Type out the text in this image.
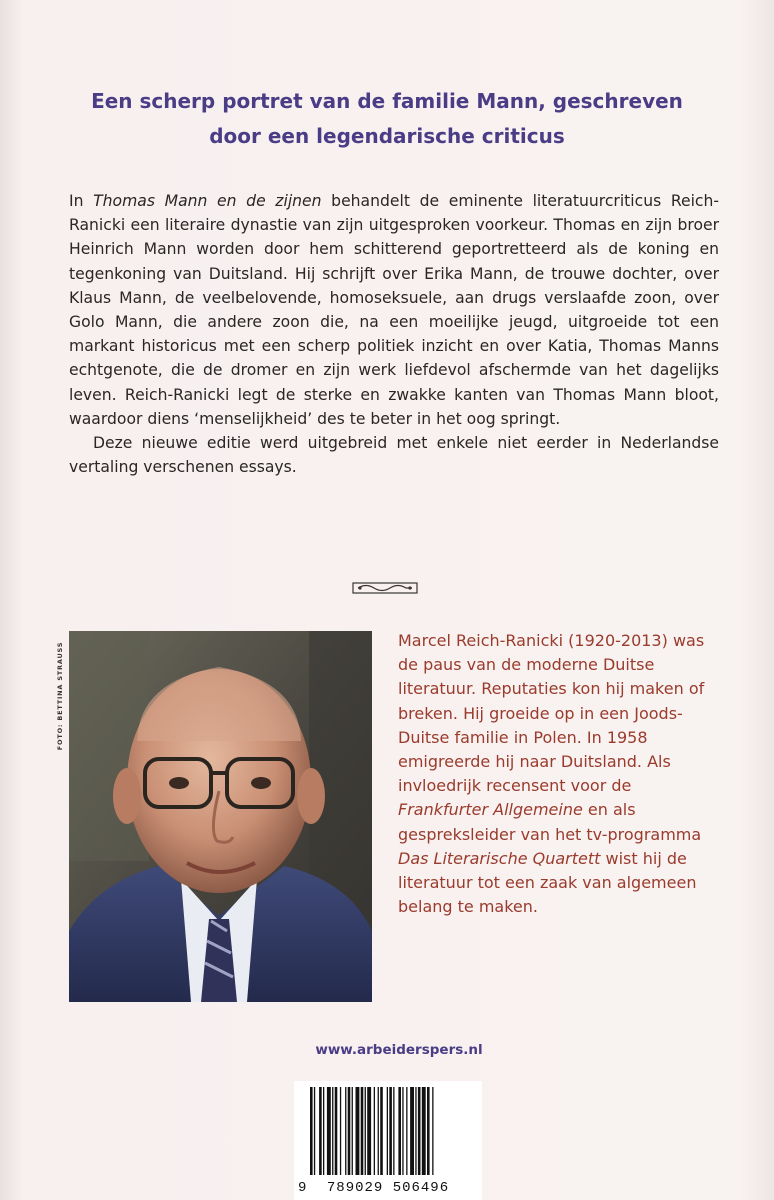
Een scherp portret van de familie Mann, geschreven
door een legendarische criticus

In Thomas Mann en de zijnen behandelt de eminente literatuurcriticus Reich-Ranicki een literaire dynastie van zijn uitgesproken voorkeur. Thomas en zijn broer Heinrich Mann worden door hem schitterend geportretteerd als de koning en tegenkoning van Duitsland. Hij schrijft over Erika Mann, de trouwe dochter, over Klaus Mann, de veelbelovende, homoseksuele, aan drugs verslaafde zoon, over Golo Mann, die andere zoon die, na een moeilijke jeugd, uitgroeide tot een markant historicus met een scherp politiek inzicht en over Katia, Thomas Manns echtgenote, die de dromer en zijn werk liefdevol afschermde van het dagelijks leven. Reich-Ranicki legt de sterke en zwakke kanten van Thomas Mann bloot, waardoor diens ‘menselijkheid’ des te beter in het oog springt.

Deze nieuwe editie werd uitgebreid met enkele niet eerder in Nederlandse vertaling verschenen essays.

FOTO: BETTINA STRAUSS

Marcel Reich-Ranicki (1920-2013) was de paus van de moderne Duitse literatuur. Reputaties kon hij maken of breken. Hij groeide op in een Joods-Duitse familie in Polen. In 1958 emigreerde hij naar Duitsland. Als invloedrijk recensent voor de Frankfurter Allgemeine en als gespreksleider van het tv-programma Das Literarische Quartett wist hij de literatuur tot een zaak van algemeen belang te maken.

www.arbeiderspers.nl
9 789029 506496
